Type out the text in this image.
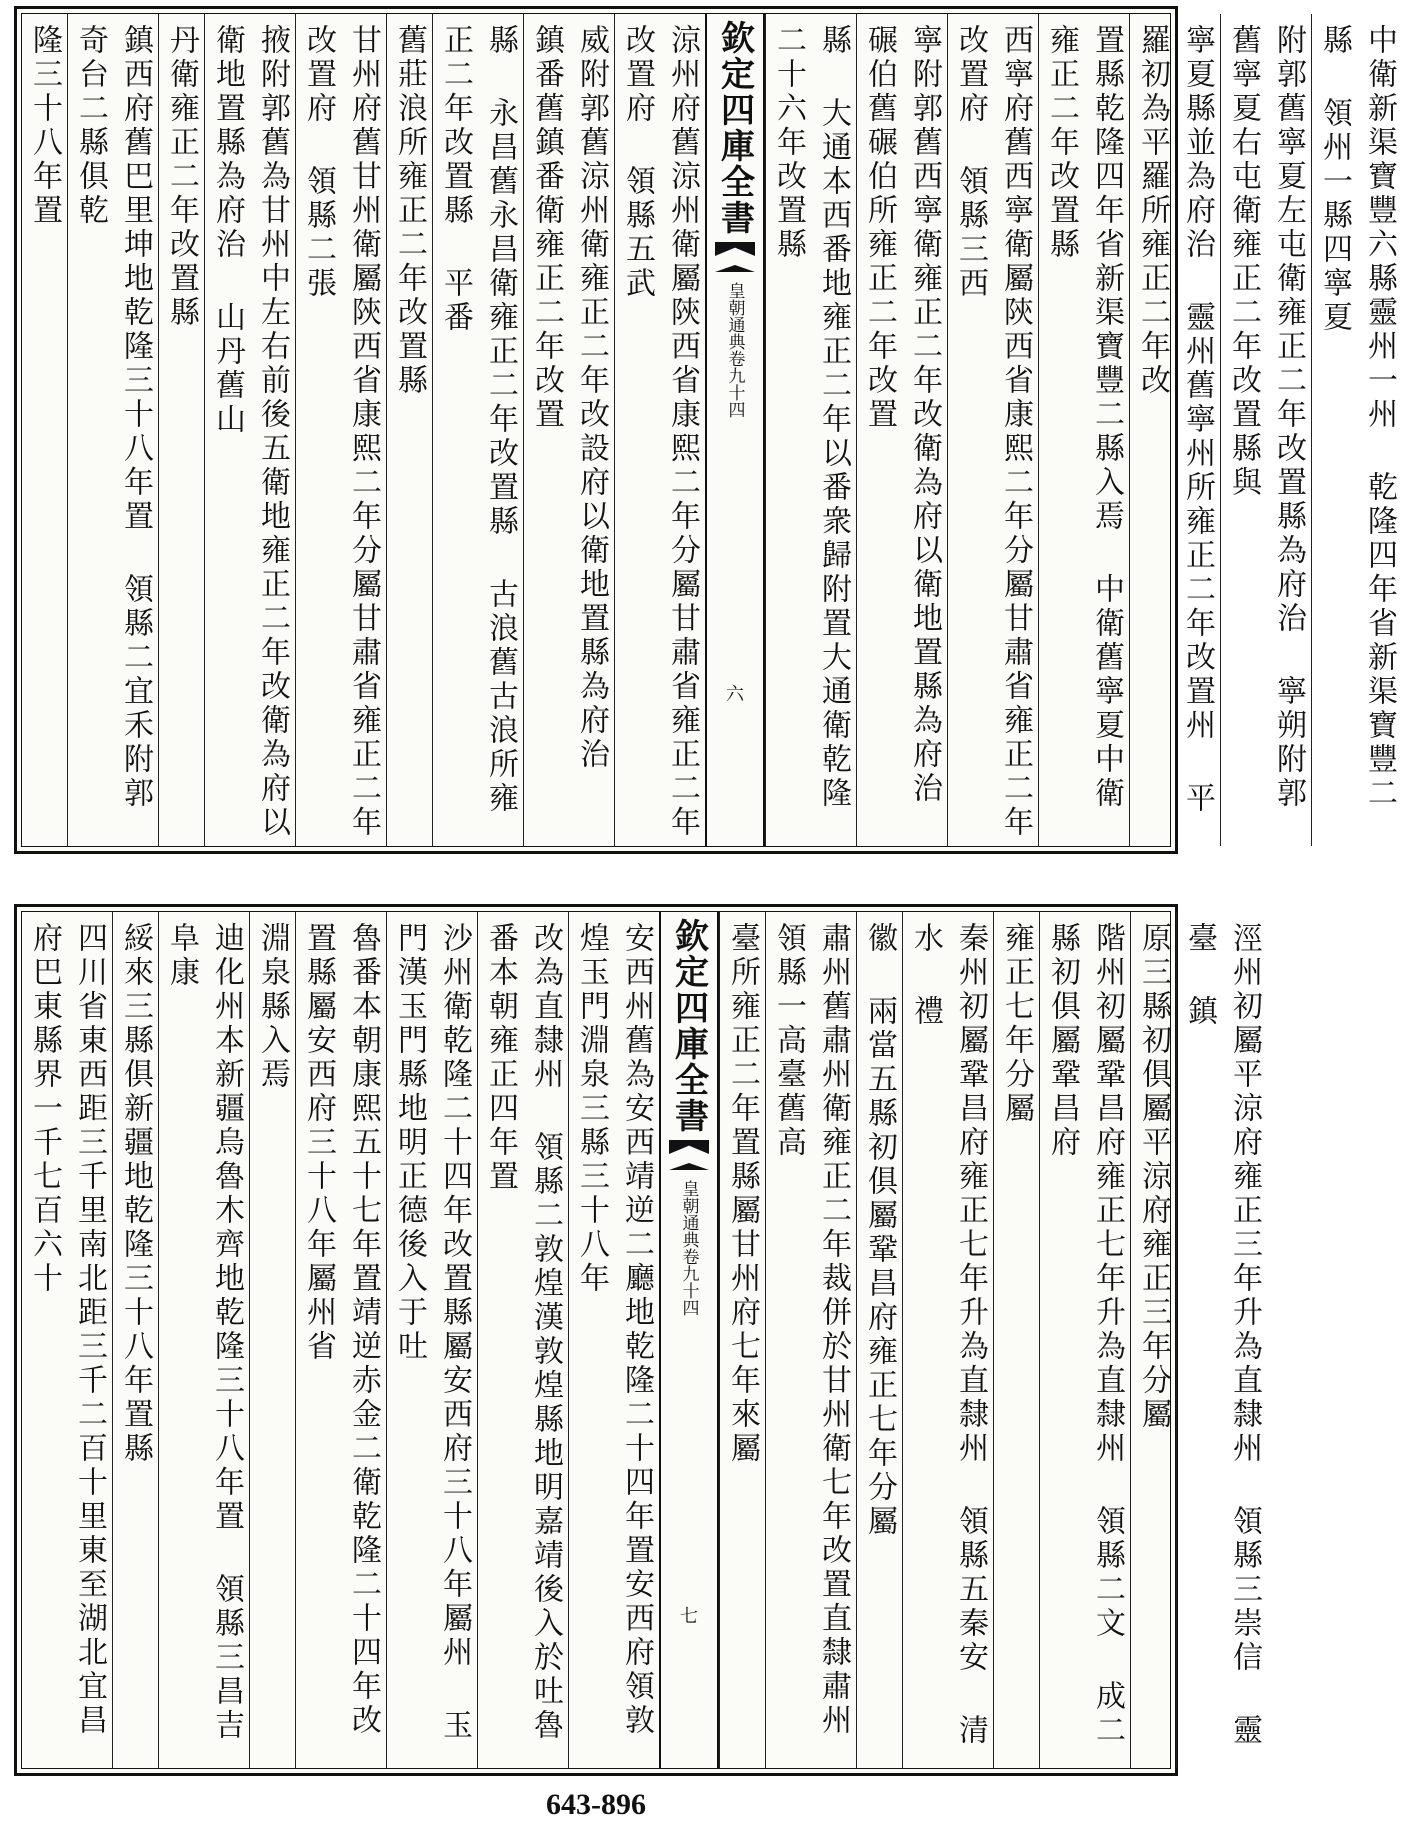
隆三十八年置	鎮西府舊巴里坤地乾隆三十八年置 領縣二宜禾附郭 奇台二縣俱乾	丹衛雍正二年改置縣	掖附郭舊為甘州中左右前後五衛地雍正二年改衛為府以衛地置縣為府治 山丹舊山	甘州府舊甘州衛屬陝西省康熙二年分屬甘肅省雍正二年改置府 領縣二張	舊莊浪所雍正二年改置縣	縣 永昌舊永昌衛雍正二年改置縣 古浪舊古浪所雍正二年改置縣 平番	威附郭舊涼州衛雍正二年改設府以衛地置縣為府治 鎮番舊鎮番衛雍正二年改置	涼州府舊涼州衛屬陝西省康熙二年分屬甘肅省雍正二年改置府 領縣五武	欽定四庫全書
皇朝通典卷九十四
六	縣 大通本西番地雍正二年以番衆歸附置大通衛乾隆二十六年改置縣	寧附郭舊西寧衛雍正二年改衛為府以衛地置縣為府治 碾伯舊碾伯所雍正二年改置	西寧府舊西寧衛屬陝西省康熙二年分屬甘肅省雍正二年改置府 領縣三西	置縣乾隆四年省新渠寶豐二縣入焉 中衛舊寧夏中衛雍正二年改置縣	寧夏縣並為府治 靈州舊寧州所雍正二年改置州 平羅初為平羅所雍正二年改	附郭舊寧夏左屯衛雍正二年改置縣為府治 寧朔附郭舊寧夏右屯衛雍正二年改置縣與	中衛新渠寶豐六縣靈州一州 乾隆四年省新渠寶豐二縣 領州一縣四寧夏
四川省東西距三千里南北距三千二百十里東至湖北宜昌府巴東縣界一千七百六十	綏來三縣俱新疆地乾隆三十八年置縣	迪化州本新疆烏魯木齊地乾隆三十八年置 領縣三昌吉 阜康	淵泉縣入焉	魯番本朝康熙五十七年置靖逆赤金二衛乾隆二十四年改置縣屬安西府三十八年屬州省	沙州衛乾隆二十四年改置縣屬安西府三十八年屬州 玉門漢玉門縣地明正德後入于吐	改為直隸州 領縣二敦煌漢敦煌縣地明嘉靖後入於吐魯番本朝雍正四年置	安西州舊為安西靖逆二廳地乾隆二十四年置安西府領敦煌玉門淵泉三縣三十八年	欽定四庫全書
皇朝通典卷九十四
七
臺所雍正二年置縣屬甘州府七年來屬	肅州舊肅州衛雍正二年裁併於甘州衛七年改置直隸肅州 領縣一高臺舊高	徽 兩當五縣初俱屬鞏昌府雍正七年分屬	秦州初屬鞏昌府雍正七年升為直隸州 領縣五秦安 清水 禮	雍正七年分屬	階州初屬鞏昌府雍正七年升為直隸州 領縣二文 成二縣初俱屬鞏昌府	原三縣初俱屬平涼府雍正三年分屬	涇州初屬平涼府雍正三年升為直隸州 領縣三崇信 靈臺 鎮
643-896
